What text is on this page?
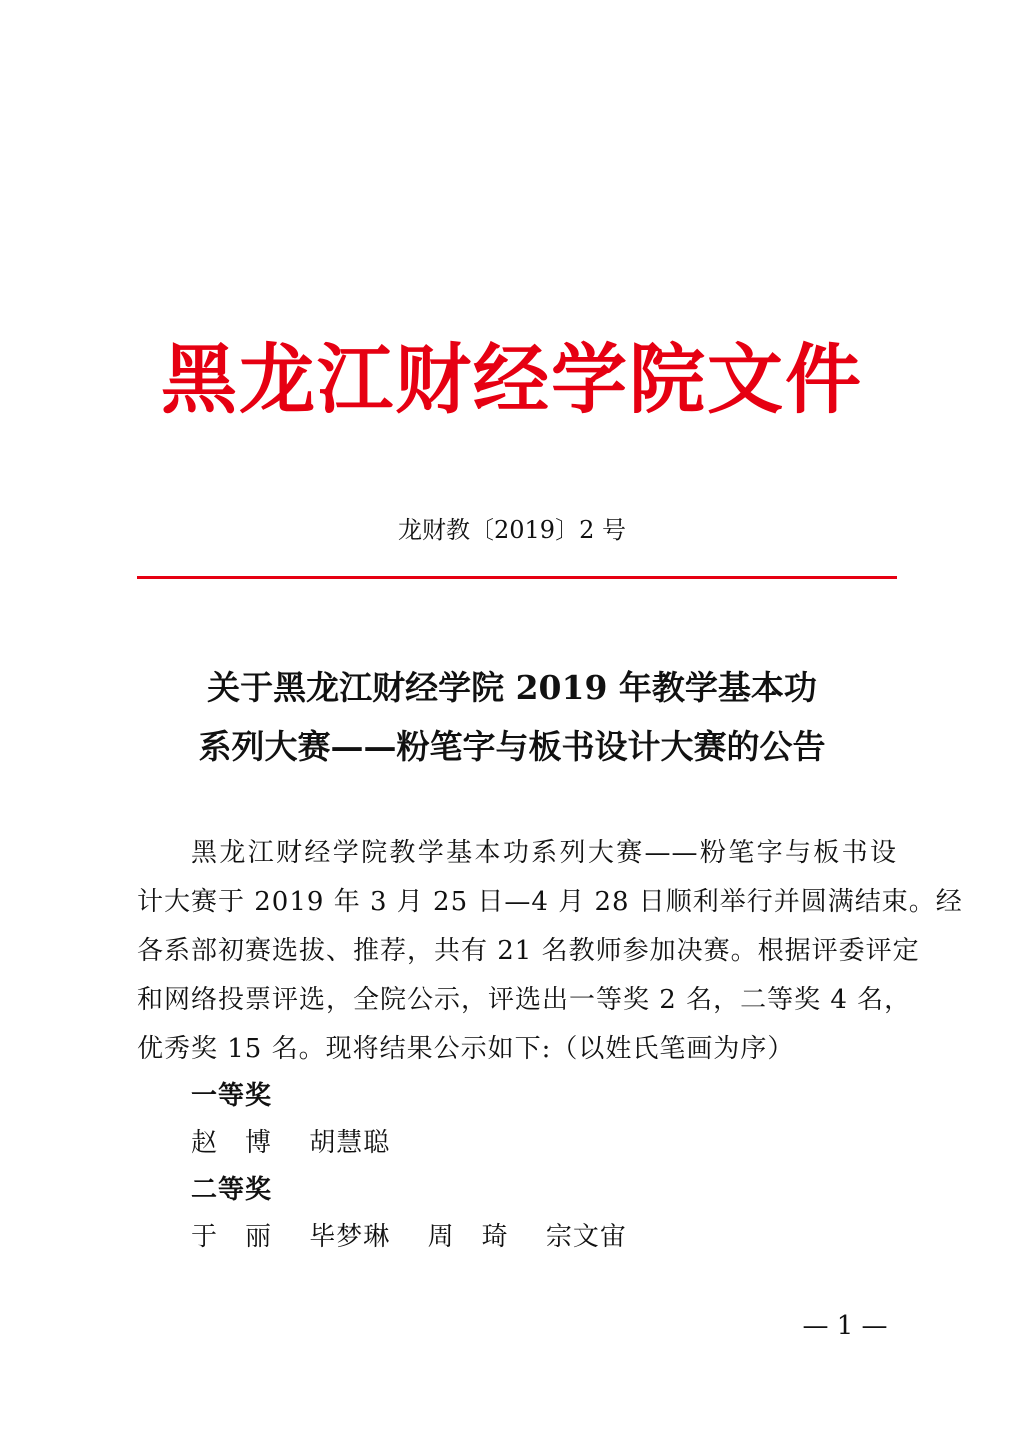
黑龙江财经学院文件
龙财教〔2019〕2 号
关于黑龙江财经学院 2019 年教学基本功
系列大赛——粉笔字与板书设计大赛的公告
黑龙江财经学院教学基本功系列大赛——粉笔字与板书设
计大赛于 2019 年 3 月 25 日—4 月 28 日顺利举行并圆满结束。经
各系部初赛选拔、推荐，共有 21 名教师参加决赛。根据评委评定
和网络投票评选，全院公示，评选出一等奖 2 名，二等奖 4 名，
优秀奖 15 名。现将结果公示如下:（以姓氏笔画为序）
一等奖
赵　博 胡慧聪
二等奖
于　丽 毕梦琳 周　琦 宗文宙
— 1 —
